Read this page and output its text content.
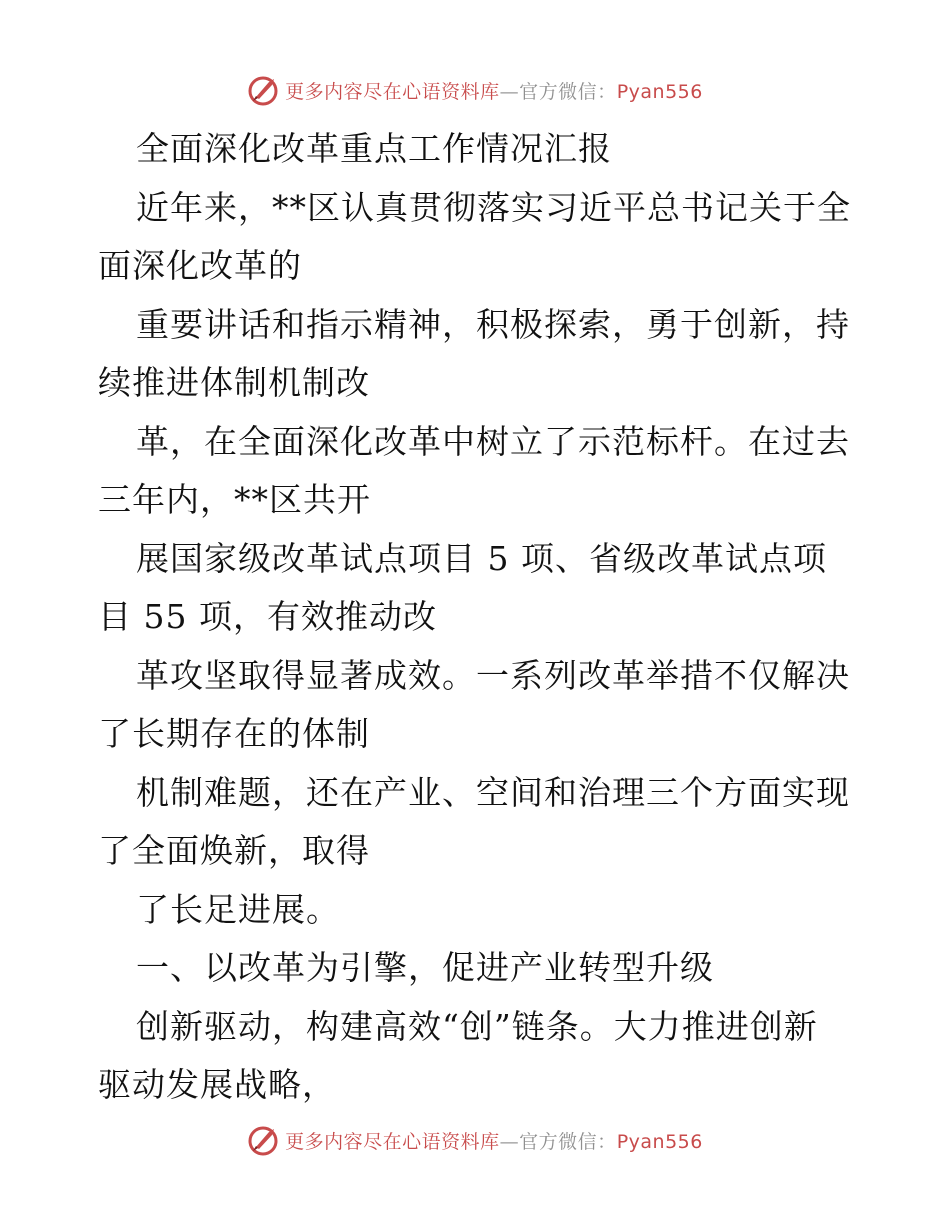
更多内容尽在心语资料库—官方微信：Pyan556
全面深化改革重点工作情况汇报
近年来，**区认真贯彻落实习近平总书记关于全
面深化改革的
重要讲话和指示精神，积极探索，勇于创新，持
续推进体制机制改
革，在全面深化改革中树立了示范标杆。在过去
三年内，**区共开
展国家级改革试点项目 5 项、省级改革试点项
目 55 项，有效推动改
革攻坚取得显著成效。一系列改革举措不仅解决
了长期存在的体制
机制难题，还在产业、空间和治理三个方面实现
了全面焕新，取得
了长足进展。
一、以改革为引擎，促进产业转型升级
创新驱动，构建高效“创”链条。大力推进创新
驱动发展战略，
更多内容尽在心语资料库—官方微信：Pyan556
